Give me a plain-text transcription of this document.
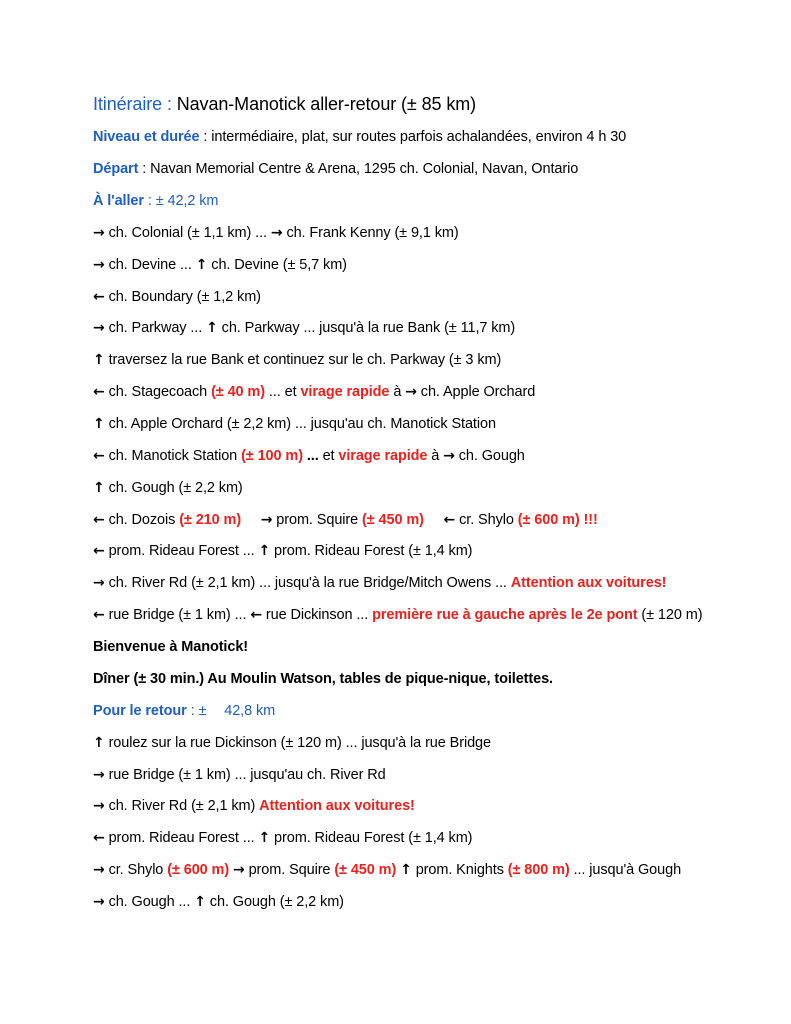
Itinéraire : Navan-Manotick aller-retour (± 85 km)
Niveau et durée : intermédiaire, plat, sur routes parfois achalandées, environ 4 h 30
Départ : Navan Memorial Centre & Arena, 1295 ch. Colonial, Navan, Ontario
À l'aller : ± 42,2 km
→ ch. Colonial (± 1,1 km) ... → ch. Frank Kenny (± 9,1 km)
→ ch. Devine ... ↑ ch. Devine (± 5,7 km)
← ch. Boundary (± 1,2 km)
→ ch. Parkway ... ↑ ch. Parkway ... jusqu'à la rue Bank (± 11,7 km)
↑ traversez la rue Bank et continuez sur le ch. Parkway (± 3 km)
← ch. Stagecoach (± 40 m) ... et virage rapide à → ch. Apple Orchard
↑ ch. Apple Orchard (± 2,2 km) ... jusqu'au ch. Manotick Station
← ch. Manotick Station (± 100 m) ... et virage rapide à → ch. Gough
↑ ch. Gough (± 2,2 km)
← ch. Dozois (± 210 m) → prom. Squire (± 450 m) ← cr. Shylo (± 600 m) !!!
← prom. Rideau Forest ... ↑ prom. Rideau Forest (± 1,4 km)
→ ch. River Rd (± 2,1 km) ... jusqu'à la rue Bridge/Mitch Owens ... Attention aux voitures!
← rue Bridge (± 1 km) ... ← rue Dickinson ... première rue à gauche après le 2e pont (± 120 m)
Bienvenue à Manotick!
Dîner (± 30 min.) Au Moulin Watson, tables de pique-nique, toilettes.
Pour le retour : ± 42,8 km
↑ roulez sur la rue Dickinson (± 120 m) ... jusqu'à la rue Bridge
→ rue Bridge (± 1 km) ... jusqu'au ch. River Rd
→ ch. River Rd (± 2,1 km) Attention aux voitures!
← prom. Rideau Forest ... ↑ prom. Rideau Forest (± 1,4 km)
→ cr. Shylo (± 600 m) → prom. Squire (± 450 m) ↑ prom. Knights (± 800 m) ... jusqu'à Gough
→ ch. Gough ... ↑ ch. Gough (± 2,2 km)
